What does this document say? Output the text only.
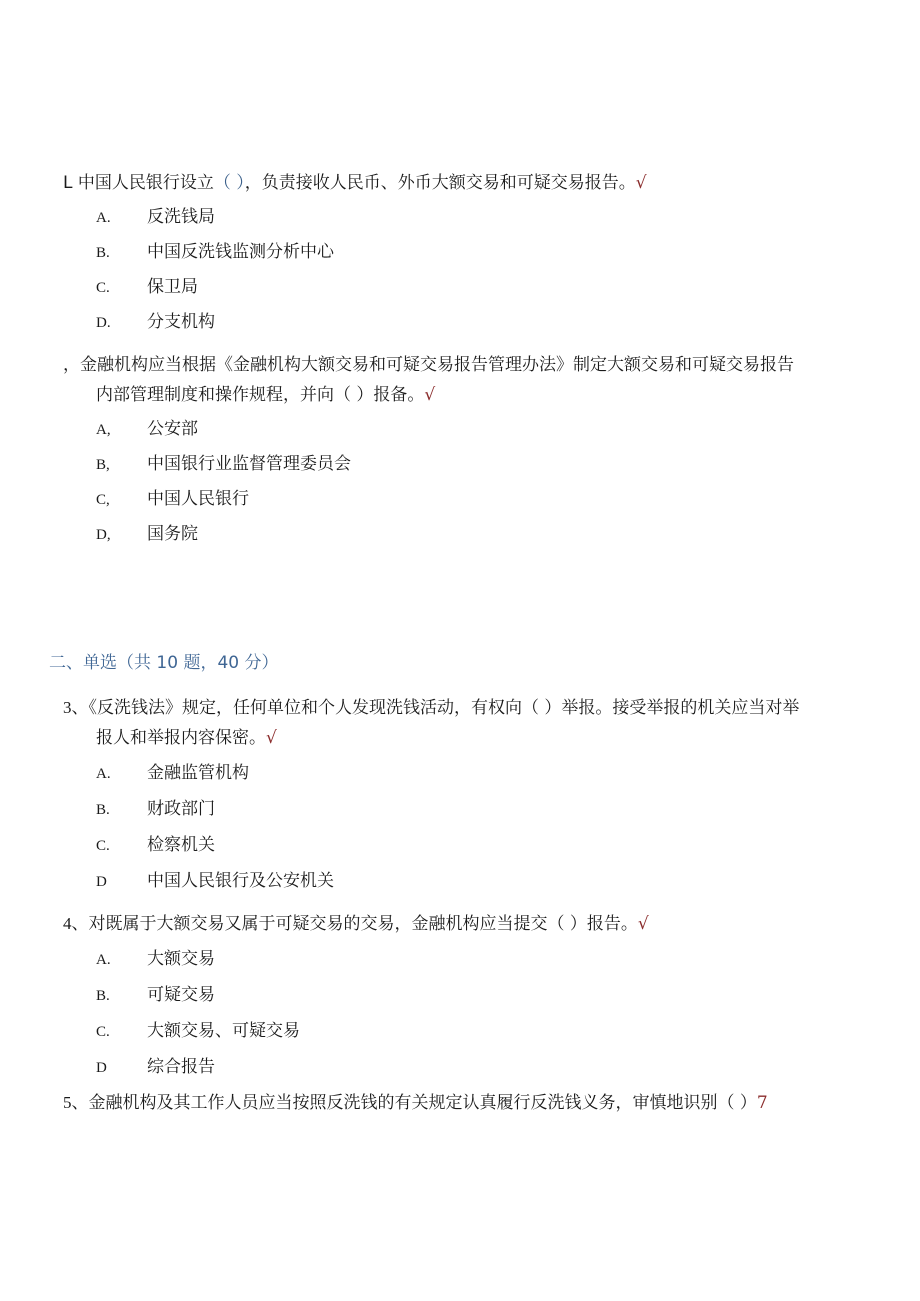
L 中国人民银行设立（ ），负责接收人民币、外币大额交易和可疑交易报告。√
A. 反洗钱局
B. 中国反洗钱监测分析中心
C. 保卫局
D. 分支机构
，金融机构应当根据《金融机构大额交易和可疑交易报告管理办法》制定大额交易和可疑交易报告
内部管理制度和操作规程，并向（ ）报备。√
A, 公安部
B, 中国银行业监督管理委员会
C, 中国人民银行
D, 国务院
二、单选（共 10 题，40 分）
3、《反洗钱法》规定，任何单位和个人发现洗钱活动，有权向（ ）举报。接受举报的机关应当对举
报人和举报内容保密。√
A. 金融监管机构
B. 财政部门
C. 检察机关
D 中国人民银行及公安机关
4、对既属于大额交易又属于可疑交易的交易，金融机构应当提交（ ）报告。√
A. 大额交易
B. 可疑交易
C. 大额交易、可疑交易
D 综合报告
5、金融机构及其工作人员应当按照反洗钱的有关规定认真履行反洗钱义务，审慎地识别（ ）7
